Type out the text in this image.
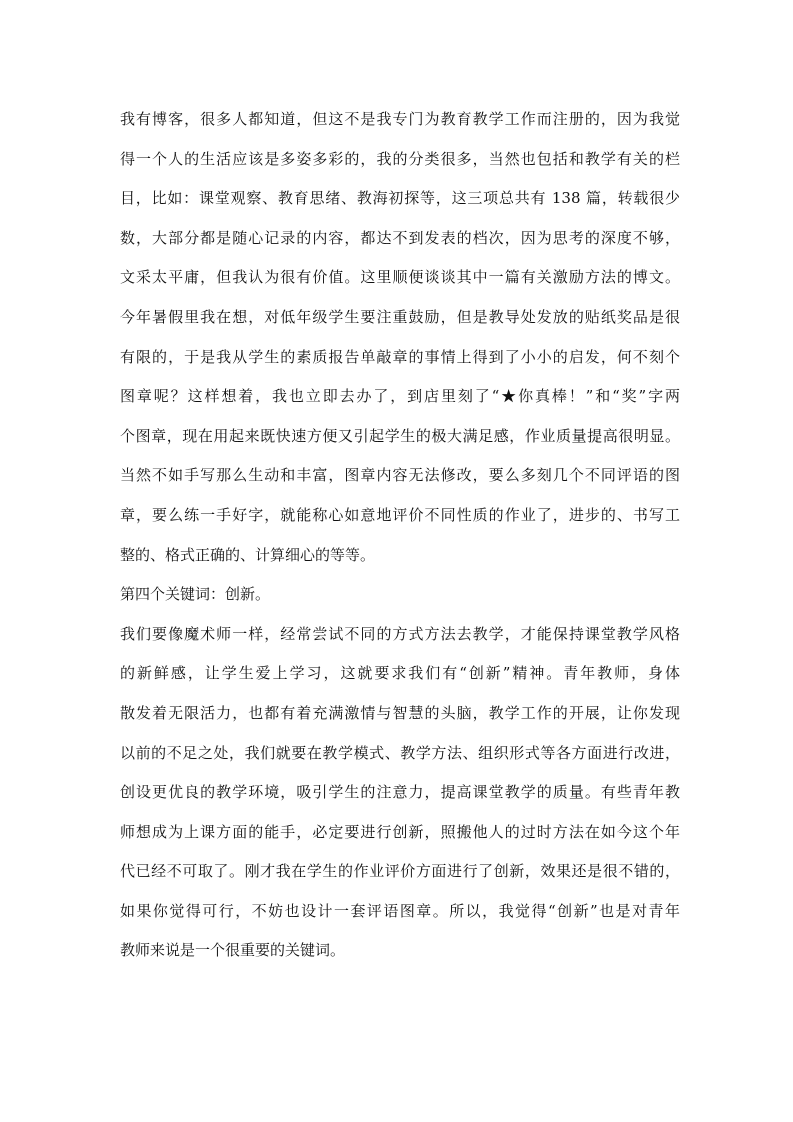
我有博客，很多人都知道，但这不是我专门为教育教学工作而注册的，因为我觉
得一个人的生活应该是多姿多彩的，我的分类很多，当然也包括和教学有关的栏
目，比如：课堂观察、教育思绪、教海初探等，这三项总共有 138 篇，转载很少
数，大部分都是随心记录的内容，都达不到发表的档次，因为思考的深度不够，
文采太平庸，但我认为很有价值。这里顺便谈谈其中一篇有关激励方法的博文。
今年暑假里我在想，对低年级学生要注重鼓励，但是教导处发放的贴纸奖品是很
有限的，于是我从学生的素质报告单敲章的事情上得到了小小的启发，何不刻个
图章呢？这样想着，我也立即去办了，到店里刻了“★你真棒！”和“奖”字两
个图章，现在用起来既快速方便又引起学生的极大满足感，作业质量提高很明显。
当然不如手写那么生动和丰富，图章内容无法修改，要么多刻几个不同评语的图
章，要么练一手好字，就能称心如意地评价不同性质的作业了，进步的、书写工
整的、格式正确的、计算细心的等等。
第四个关键词：创新。
我们要像魔术师一样，经常尝试不同的方式方法去教学，才能保持课堂教学风格
的新鲜感，让学生爱上学习，这就要求我们有“创新”精神。青年教师，身体
散发着无限活力，也都有着充满激情与智慧的头脑，教学工作的开展，让你发现
以前的不足之处，我们就要在教学模式、教学方法、组织形式等各方面进行改进，
创设更优良的教学环境，吸引学生的注意力，提高课堂教学的质量。有些青年教
师想成为上课方面的能手，必定要进行创新，照搬他人的过时方法在如今这个年
代已经不可取了。刚才我在学生的作业评价方面进行了创新，效果还是很不错的，
如果你觉得可行，不妨也设计一套评语图章。所以，我觉得“创新”也是对青年
教师来说是一个很重要的关键词。
